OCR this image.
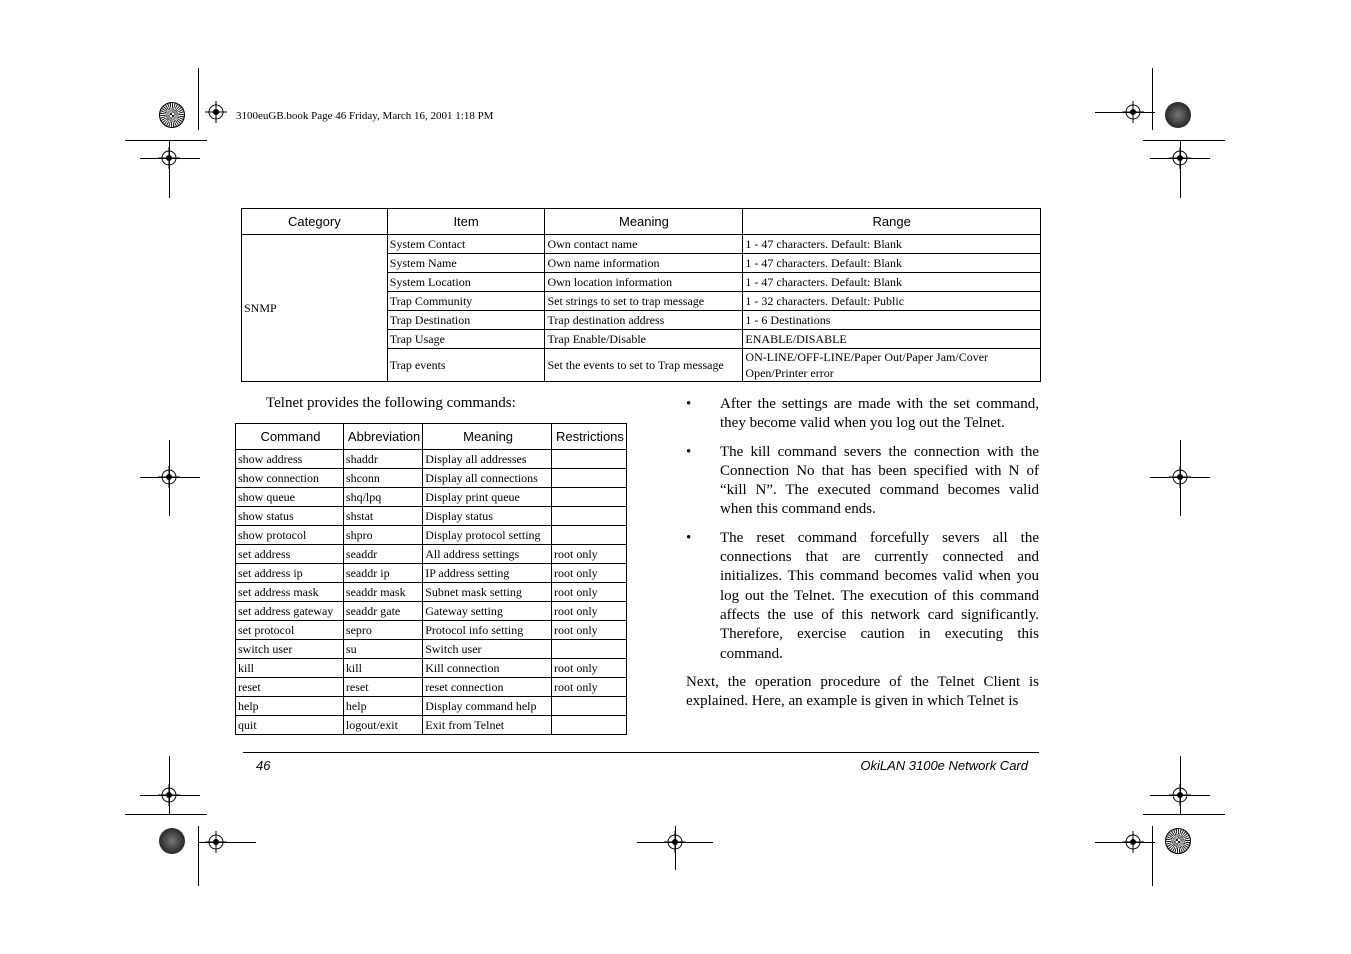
3100euGB.book Page 46 Friday, March 16, 2001 1:18 PM
Category	Item	Meaning	Range
SNMP	System Contact	Own contact name	1 - 47 characters. Default: Blank
	System Name	Own name information	1 - 47 characters. Default: Blank
	System Location	Own location information	1 - 47 characters. Default: Blank
	Trap Community	Set strings to set to trap message	1 - 32 characters. Default: Public
	Trap Destination	Trap destination address	1 - 6 Destinations
	Trap Usage	Trap Enable/Disable	ENABLE/DISABLE
	Trap events	Set the events to set to Trap message	ON-LINE/OFF-LINE/Paper Out/Paper Jam/Cover Open/Printer error
Telnet provides the following commands:
Command	Abbreviation	Meaning	Restrictions
show address	shaddr	Display all addresses	
show connection	shconn	Display all connections	
show queue	shq/lpq	Display print queue	
show status	shstat	Display status	
show protocol	shpro	Display protocol setting	
set address	seaddr	All address settings	root only
set address ip	seaddr ip	IP address setting	root only
set address mask	seaddr mask	Subnet mask setting	root only
set address gateway	seaddr gate	Gateway setting	root only
set protocol	sepro	Protocol info setting	root only
switch user	su	Switch user	
kill	kill	Kill connection	root only
reset	reset	reset connection	root only
help	help	Display command help	
quit	logout/exit	Exit from Telnet	
• After the settings are made with the set command, they become valid when you log out the Telnet.
• The kill command severs the connection with the Connection No that has been specified with N of “kill N”. The executed command becomes valid when this command ends.
• The reset command forcefully severs all the connections that are currently connected and initializes. This command becomes valid when you log out the Telnet. The execution of this command affects the use of this network card significantly. Therefore, exercise caution in executing this command.

Next, the operation procedure of the Telnet Client is explained. Here, an example is given in which Telnet is

46	OkiLAN 3100e Network Card
